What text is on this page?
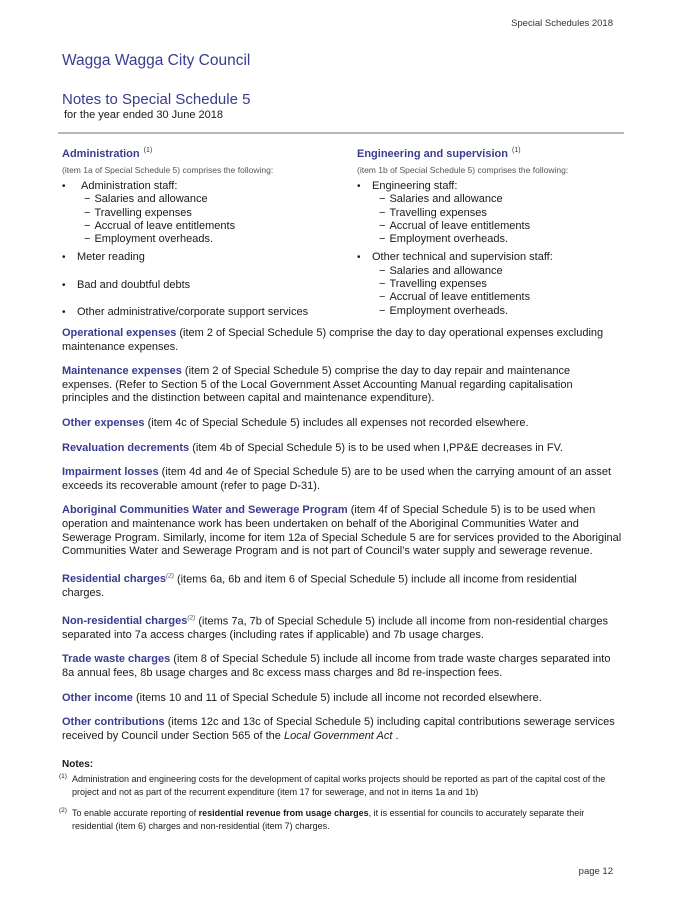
Special Schedules 2018
Wagga Wagga City Council
Notes to Special Schedule 5
for the year ended 30 June 2018
Administration $^{(1)}$
(item 1a of Special Schedule 5) comprises the following:
• Administration staff:
− Salaries and allowance
− Travelling expenses
− Accrual of leave entitlements
− Employment overheads.
• Meter reading
• Bad and doubtful debts
• Other administrative/corporate support services
Engineering and supervision $^{(1)}$
(item 1b of Special Schedule 5) comprises the following:
• Engineering staff:
− Salaries and allowance
− Travelling expenses
− Accrual of leave entitlements
− Employment overheads.
• Other technical and supervision staff:
− Salaries and allowance
− Travelling expenses
− Accrual of leave entitlements
− Employment overheads.

Operational expenses (item 2 of Special Schedule 5) comprise the day to day operational expenses excluding maintenance expenses.

Maintenance expenses (item 2 of Special Schedule 5) comprise the day to day repair and maintenance expenses. (Refer to Section 5 of the Local Government Asset Accounting Manual regarding capitalisation principles and the distinction between capital and maintenance expenditure).

Other expenses (item 4c of Special Schedule 5) includes all expenses not recorded elsewhere.

Revaluation decrements (item 4b of Special Schedule 5) is to be used when I,PP&E decreases in FV.

Impairment losses (item 4d and 4e of Special Schedule 5) are to be used when the carrying amount of an asset exceeds its recoverable amount (refer to page D-31).

Aboriginal Communities Water and Sewerage Program (item 4f of Special Schedule 5) is to be used when operation and maintenance work has been undertaken on behalf of the Aboriginal Communities Water and Sewerage Program. Similarly, income for item 12a of Special Schedule 5 are for services provided to the Aboriginal Communities Water and Sewerage Program and is not part of Council’s water supply and sewerage revenue.

Residential charges$^{(2)}$ (items 6a, 6b and item 6 of Special Schedule 5) include all income from residential charges.

Non-residential charges$^{(2)}$ (items 7a, 7b of Special Schedule 5) include all income from non-residential charges separated into 7a access charges (including rates if applicable) and 7b usage charges.

Trade waste charges (item 8 of Special Schedule 5) include all income from trade waste charges separated into 8a annual fees, 8b usage charges and 8c excess mass charges and 8d re-inspection fees.

Other income (items 10 and 11 of Special Schedule 5) include all income not recorded elsewhere.

Other contributions (items 12c and 13c of Special Schedule 5) including capital contributions sewerage services received by Council under Section 565 of the Local Government Act .

Notes:
(1) Administration and engineering costs for the development of capital works projects should be reported as part of the capital cost of the project and not as part of the recurrent expenditure (item 17 for sewerage, and not in items 1a and 1b)
(2) To enable accurate reporting of residential revenue from usage charges, it is essential for councils to accurately separate their residential (item 6) charges and non-residential (item 7) charges.
page 12
